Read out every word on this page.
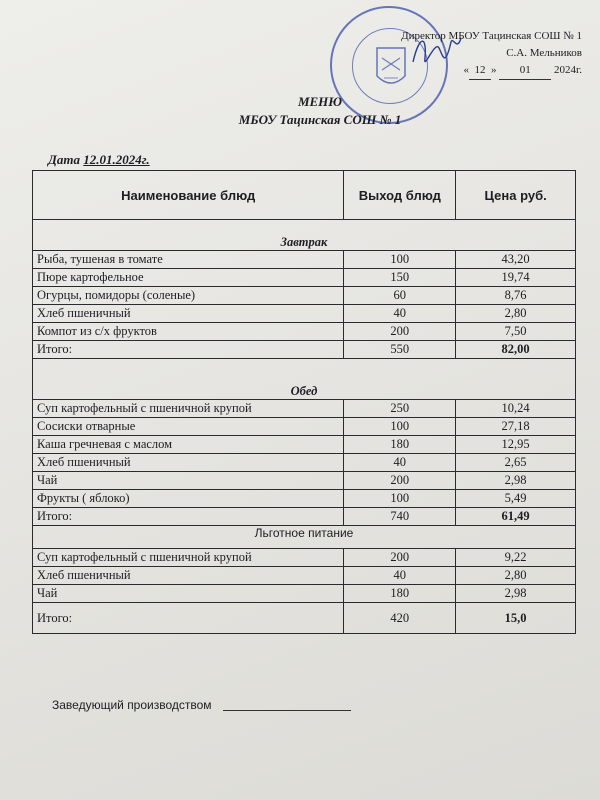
Директор МБОУ Тацинская СОШ № 1
С.А. Мельников
« 12 » 01 2024г.
МЕНЮ
МБОУ Тацинская СОШ № 1
Дата 12.01.2024г.
Наименование блюд	Выход блюд	Цена руб.
Завтрак		
Рыба, тушеная в томате	100	43,20
Пюре картофельное	150	19,74
Огурцы, помидоры (соленые)	60	8,76
Хлеб пшеничный	40	2,80
Компот из с/х фруктов	200	7,50
Итого:	550	82,00
Обед		
Суп картофельный с пшеничной крупой	250	10,24
Сосиски отварные	100	27,18
Каша гречневая с маслом	180	12,95
Хлеб пшеничный	40	2,65
Чай	200	2,98
Фрукты ( яблоко)	100	5,49
Итого:	740	61,49
Льготное питание		
Суп картофельный с пшеничной крупой	200	9,22
Хлеб пшеничный	40	2,80
Чай	180	2,98
Итого:	420	15,0
Заведующий производством
